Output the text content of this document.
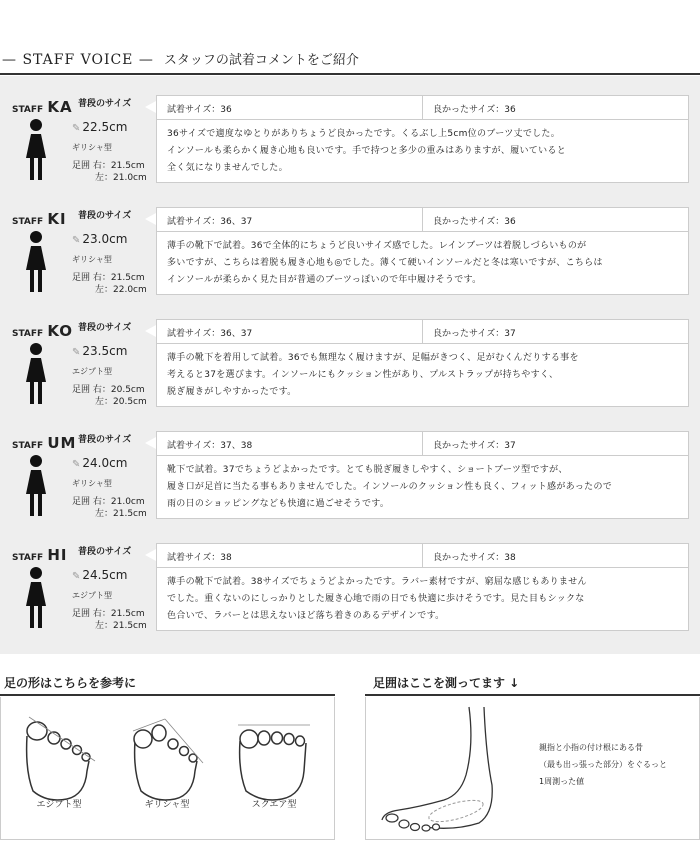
— STAFF VOICE — スタッフの試着コメントをご紹介
STAFF KA 普段のサイズ
✎ 22.5cm
ギリシャ型
足囲 右：21.5cm
左：21.0cm
試着サイズ：36	良かったサイズ：36
36サイズで適度なゆとりがありちょうど良かったです。くるぶし上5cm位のブーツ丈でした。
インソールも柔らかく履き心地も良いです。手で持つと多少の重みはありますが、履いていると
全く気になりませんでした。
STAFF KI 普段のサイズ
✎ 23.0cm
ギリシャ型
足囲 右：21.5cm
左：22.0cm
試着サイズ：36、37	良かったサイズ：36
薄手の靴下で試着。36で全体的にちょうど良いサイズ感でした。レインブーツは着脱しづらいものが
多いですが、こちらは着脱も履き心地も◎でした。薄くて硬いインソールだと冬は寒いですが、こちらは
インソールが柔らかく見た目が普通のブーツっぽいので年中履けそうです。
STAFF KO 普段のサイズ
✎ 23.5cm
エジプト型
足囲 右：20.5cm
左：20.5cm
試着サイズ：36、37	良かったサイズ：37
薄手の靴下を着用して試着。36でも無理なく履けますが、足幅がきつく、足がむくんだりする事を
考えると37を選びます。インソールにもクッション性があり、プルストラップが持ちやすく、
脱ぎ履きがしやすかったです。
STAFF UM 普段のサイズ
✎ 24.0cm
ギリシャ型
足囲 右：21.0cm
左：21.5cm
試着サイズ：37、38	良かったサイズ：37
靴下で試着。37でちょうどよかったです。とても脱ぎ履きしやすく、ショートブーツ型ですが、
履き口が足首に当たる事もありませんでした。インソールのクッション性も良く、フィット感があったので
雨の日のショッピングなども快適に過ごせそうです。
STAFF HI 普段のサイズ
✎ 24.5cm
エジプト型
足囲 右：21.5cm
左：21.5cm
試着サイズ：38	良かったサイズ：38
薄手の靴下で試着。38サイズでちょうどよかったです。ラバー素材ですが、窮屈な感じもありません
でした。重くないのにしっかりとした履き心地で雨の日でも快適に歩けそうです。見た目もシックな
色合いで、ラバーとは思えないほど落ち着きのあるデザインです。
足の形はこちらを参考に	足囲はここを測ってます ↓
エジプト型	ギリシャ型	スクエア型
親指と小指の付け根にある骨
（最も出っ張った部分）をぐるっと
1周測った値
